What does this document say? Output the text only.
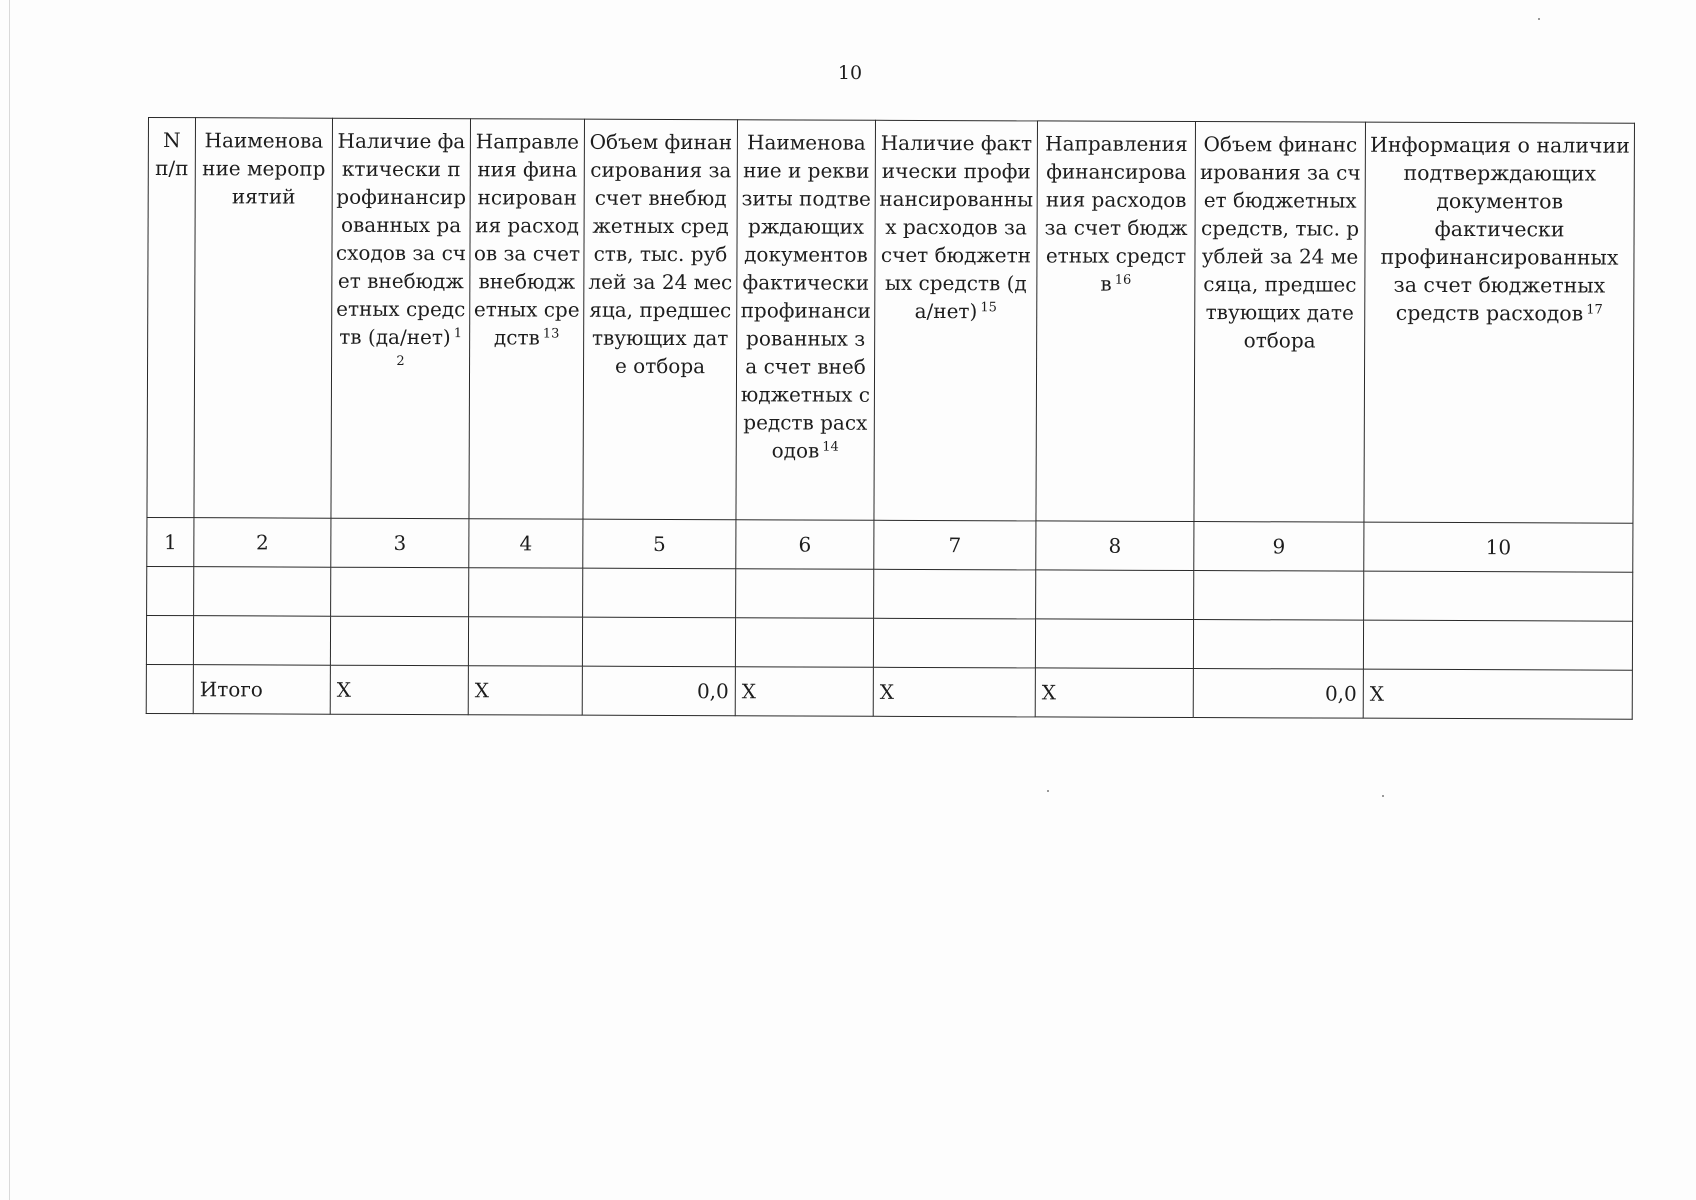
10
N п/п	Наименование мероприятий	Наличие фактически профинансированных расходов за счет внебюджетных средств (да/нет) $^{12}$	Направления финансирования расходов за счет внебюджетных средств $^{13}$	Объем финансирования за счет внебюджетных средств, тыс. рублей за 24 месяца, предшествующих дате отбора	Наименование и реквизиты подтверждающих документов фактически профинансированных за счет внебюджетных средств расходов $^{14}$	Наличие фактически профинансированных расходов за счет бюджетных средств (да/нет) $^{15}$	Направления финансирования расходов за счет бюджетных средств $^{16}$	Объем финансирования за счет бюджетных средств, тыс. рублей за 24 месяца, предшествующих дате отбора	Информация о наличии подтверждающих документов фактически профинансированных за счет бюджетных средств расходов $^{17}$
1	2	3	4	5	6	7	8	9	10

	Итого	X	X	0,0	X	X	X	0,0	X
